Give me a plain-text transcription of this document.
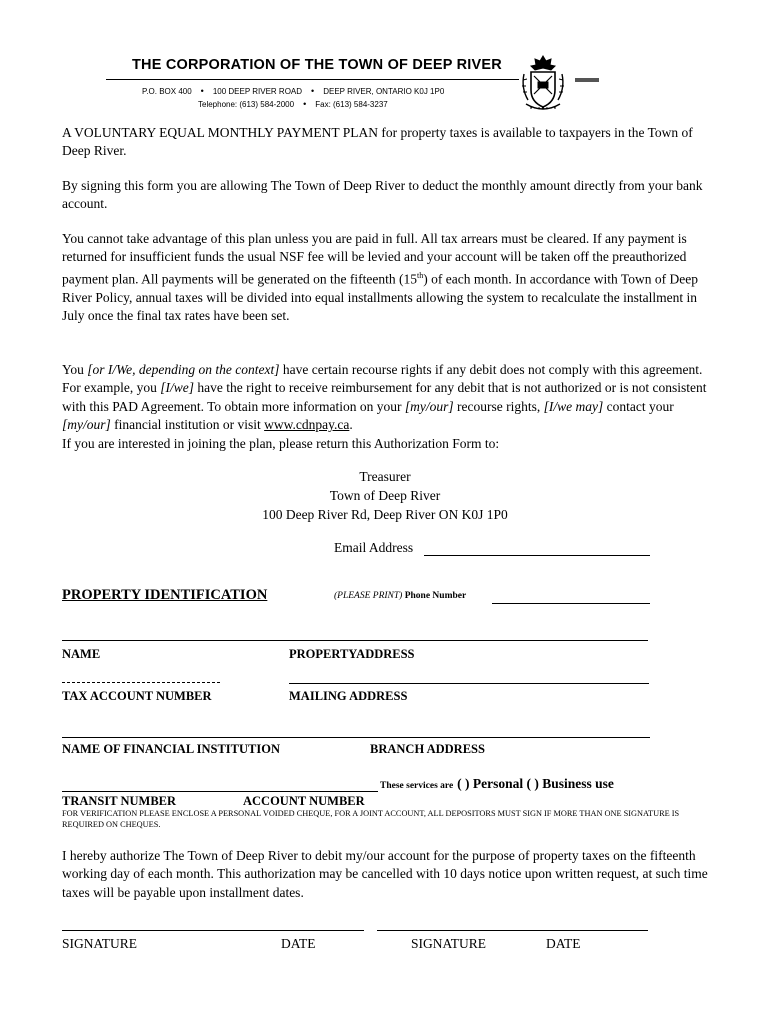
THE CORPORATION OF THE TOWN OF DEEP RIVER
P.O. BOX 400 • 100 DEEP RIVER ROAD • DEEP RIVER, ONTARIO K0J 1P0
Telephone: (613) 584-2000 • Fax: (613) 584-3237
A VOLUNTARY EQUAL MONTHLY PAYMENT PLAN for property taxes is available to taxpayers in the Town of Deep River.
By signing this form you are allowing The Town of Deep River to deduct the monthly amount directly from your bank account.
You cannot take advantage of this plan unless you are paid in full. All tax arrears must be cleared. If any payment is returned for insufficient funds the usual NSF fee will be levied and your account will be taken off the preauthorized payment plan. All payments will be generated on the fifteenth (15th) of each month. In accordance with Town of Deep River Policy, annual taxes will be divided into equal installments allowing the system to recalculate the installment in July once the final tax rates have been set.
You [or I/We, depending on the context] have certain recourse rights if any debit does not comply with this agreement. For example, you [I/we] have the right to receive reimbursement for any debit that is not authorized or is not consistent with this PAD Agreement. To obtain more information on your [my/our] recourse rights, [I/we may] contact your [my/our] financial institution or visit www.cdnpay.ca.
If you are interested in joining the plan, please return this Authorization Form to:
Treasurer
Town of Deep River
100 Deep River Rd, Deep River ON K0J 1P0
Email Address
PROPERTY IDENTIFICATION	(PLEASE PRINT) Phone Number
NAME	PROPERTYADDRESS
TAX ACCOUNT NUMBER	MAILING ADDRESS
NAME OF FINANCIAL INSTITUTION	BRANCH ADDRESS
These services are ( ) Personal ( ) Business use
TRANSIT NUMBER	ACCOUNT NUMBER
FOR VERIFICATION PLEASE ENCLOSE A PERSONAL VOIDED CHEQUE, FOR A JOINT ACCOUNT, ALL DEPOSITORS MUST SIGN IF MORE THAN ONE SIGNATURE IS REQUIRED ON CHEQUES.
I hereby authorize The Town of Deep River to debit my/our account for the purpose of property taxes on the fifteenth working day of each month. This authorization may be cancelled with 10 days notice upon written request, at such time taxes will be payable upon installment dates.
SIGNATURE	DATE	SIGNATURE	DATE
